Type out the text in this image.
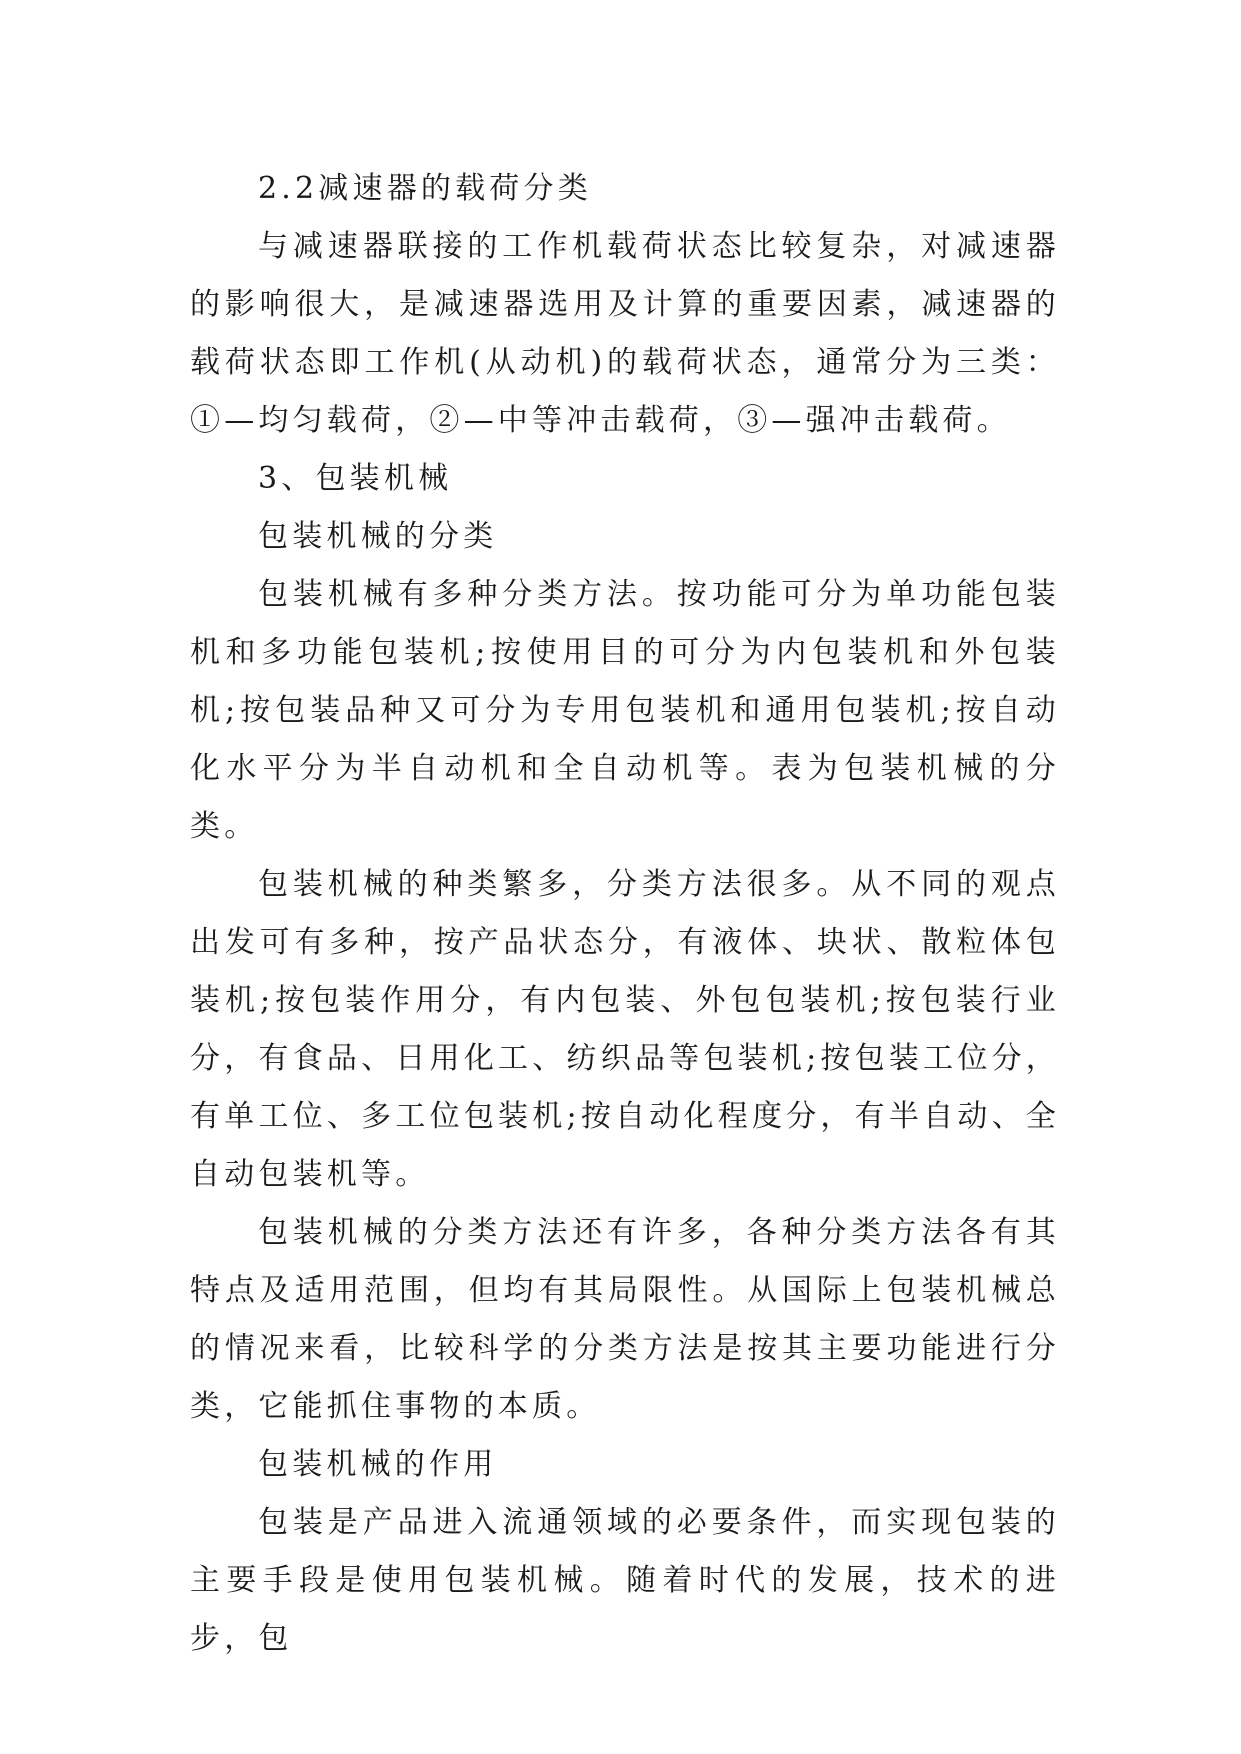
2.2减速器的载荷分类

与减速器联接的工作机载荷状态比较复杂，对减速器的影响很大，是减速器选用及计算的重要因素，减速器的载荷状态即工作机(从动机)的载荷状态，通常分为三类：①—均匀载荷，②—中等冲击载荷，③—强冲击载荷。

3、包装机械

包装机械的分类

包装机械有多种分类方法。按功能可分为单功能包装机和多功能包装机;按使用目的可分为内包装机和外包装机;按包装品种又可分为专用包装机和通用包装机;按自动化水平分为半自动机和全自动机等。表为包装机械的分类。

包装机械的种类繁多，分类方法很多。从不同的观点出发可有多种，按产品状态分，有液体、块状、散粒体包装机;按包装作用分，有内包装、外包包装机;按包装行业分，有食品、日用化工、纺织品等包装机;按包装工位分，有单工位、多工位包装机;按自动化程度分，有半自动、全自动包装机等。

包装机械的分类方法还有许多，各种分类方法各有其特点及适用范围，但均有其局限性。从国际上包装机械总的情况来看，比较科学的分类方法是按其主要功能进行分类，它能抓住事物的本质。

包装机械的作用

包装是产品进入流通领域的必要条件，而实现包装的主要手段是使用包装机械。随着时代的发展，技术的进步，包
